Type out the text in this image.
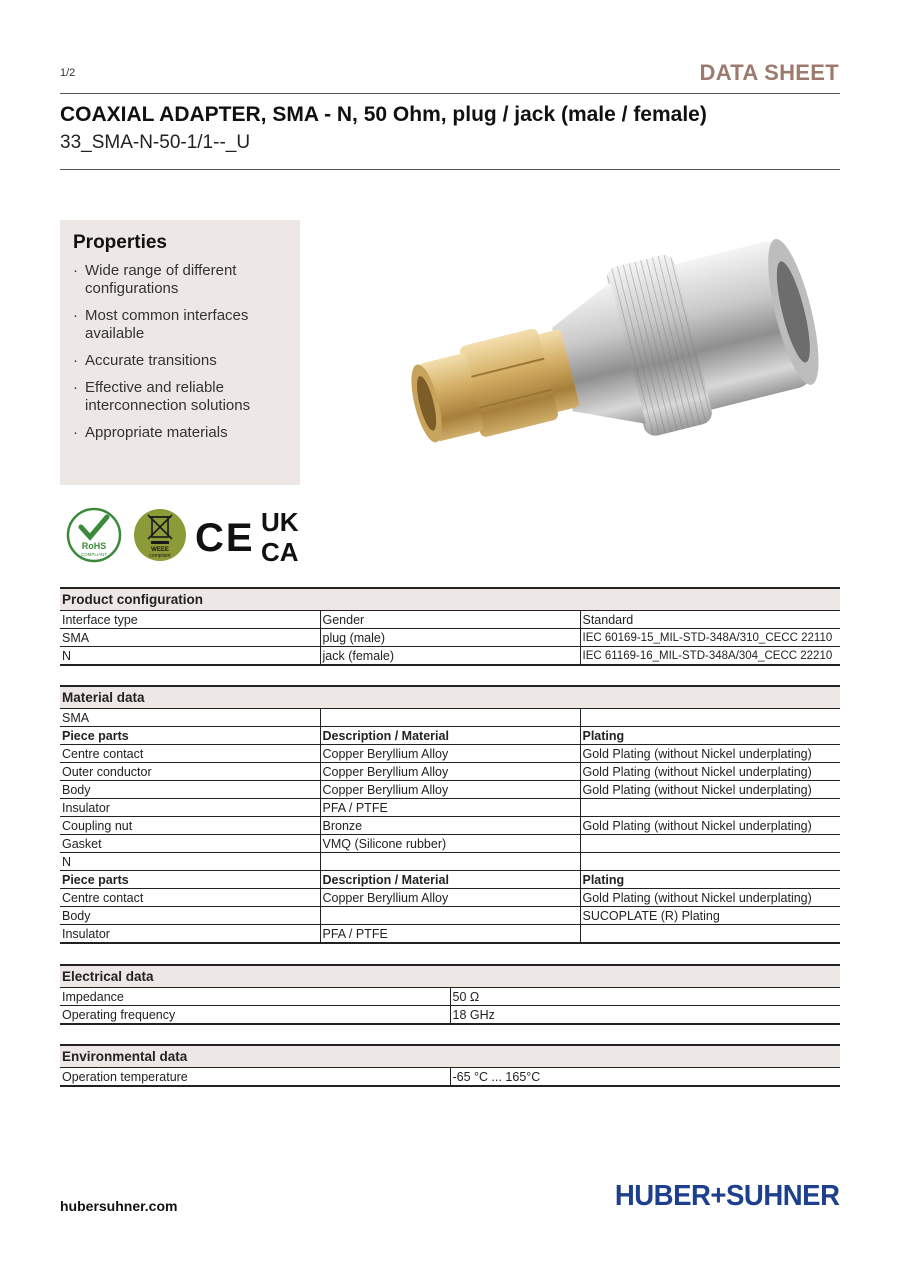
1/2	DATA SHEET
COAXIAL ADAPTER, SMA - N, 50 Ohm, plug / jack (male / female)
33_SMA-N-50-1/1--_U
Properties
· Wide range of different configurations
· Most common interfaces available
· Accurate transitions
· Effective and reliable interconnection solutions
· Appropriate materials
RoHS
COMPLIANT
WEEE
compliant CE UK
CA
Product configuration		
Interface type	Gender	Standard
SMA	plug (male)	IEC 60169-15_MIL-STD-348A/310_CECC 22110
N	jack (female)	IEC 61169-16_MIL-STD-348A/304_CECC 22210
Material data		
SMA		
Piece parts	Description / Material	Plating
Centre contact	Copper Beryllium Alloy	Gold Plating (without Nickel underplating)
Outer conductor	Copper Beryllium Alloy	Gold Plating (without Nickel underplating)
Body	Copper Beryllium Alloy	Gold Plating (without Nickel underplating)
Insulator	PFA / PTFE	
Coupling nut	Bronze	Gold Plating (without Nickel underplating)
Gasket	VMQ (Silicone rubber)	
N		
Piece parts	Description / Material	Plating
Centre contact	Copper Beryllium Alloy	Gold Plating (without Nickel underplating)
Body		SUCOPLATE (R) Plating
Insulator	PFA / PTFE	
Electrical data	
Impedance	50 Ω
Operating frequency	18 GHz
Environmental data
Operation temperature	-65 °C ... 165°C
hubersuhner.com	HUBER+SUHNER
